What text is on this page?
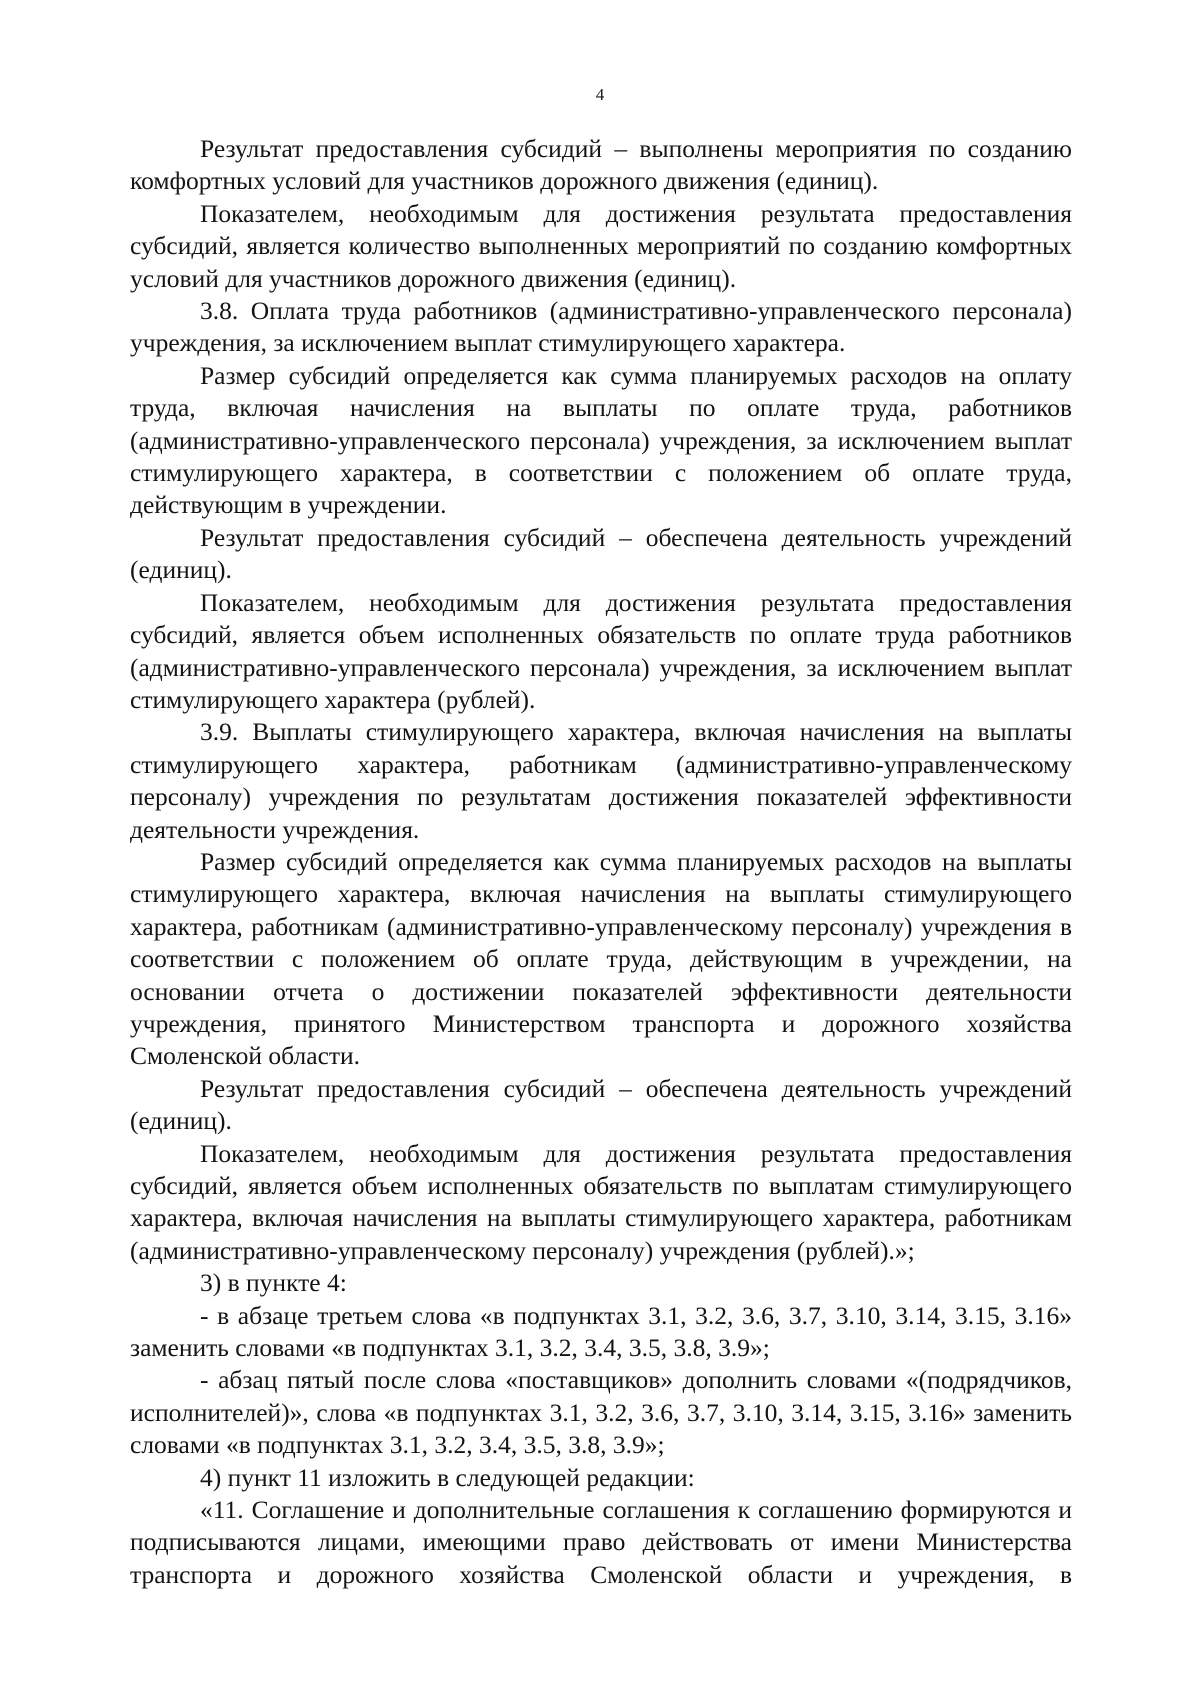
4

Результат предоставления субсидий – выполнены мероприятия по созданию комфортных условий для участников дорожного движения (единиц).

Показателем, необходимым для достижения результата предоставления субсидий, является количество выполненных мероприятий по созданию комфортных условий для участников дорожного движения (единиц).

3.8. Оплата труда работников (административно-управленческого персонала) учреждения, за исключением выплат стимулирующего характера.

Размер субсидий определяется как сумма планируемых расходов на оплату труда, включая начисления на выплаты по оплате труда, работников (административно-управленческого персонала) учреждения, за исключением выплат стимулирующего характера, в соответствии с положением об оплате труда, действующим в учреждении.

Результат предоставления субсидий – обеспечена деятельность учреждений (единиц).

Показателем, необходимым для достижения результата предоставления субсидий, является объем исполненных обязательств по оплате труда работников (административно-управленческого персонала) учреждения, за исключением выплат стимулирующего характера (рублей).

3.9. Выплаты стимулирующего характера, включая начисления на выплаты стимулирующего характера, работникам (административно-управленческому персоналу) учреждения по результатам достижения показателей эффективности деятельности учреждения.

Размер субсидий определяется как сумма планируемых расходов на выплаты стимулирующего характера, включая начисления на выплаты стимулирующего характера, работникам (административно-управленческому персоналу) учреждения в соответствии с положением об оплате труда, действующим в учреждении, на основании отчета о достижении показателей эффективности деятельности учреждения, принятого Министерством транспорта и дорожного хозяйства Смоленской области.

Результат предоставления субсидий – обеспечена деятельность учреждений (единиц).

Показателем, необходимым для достижения результата предоставления субсидий, является объем исполненных обязательств по выплатам стимулирующего характера, включая начисления на выплаты стимулирующего характера, работникам (административно-управленческому персоналу) учреждения (рублей).»;

3) в пункте 4:

- в абзаце третьем слова «в подпунктах 3.1, 3.2, 3.6, 3.7, 3.10, 3.14, 3.15, 3.16» заменить словами «в подпунктах 3.1, 3.2, 3.4, 3.5, 3.8, 3.9»;

- абзац пятый после слова «поставщиков» дополнить словами «(подрядчиков, исполнителей)», слова «в подпунктах 3.1, 3.2, 3.6, 3.7, 3.10, 3.14, 3.15, 3.16» заменить словами «в подпунктах 3.1, 3.2, 3.4, 3.5, 3.8, 3.9»;

4) пункт 11 изложить в следующей редакции:

«11. Соглашение и дополнительные соглашения к соглашению формируются и подписываются лицами, имеющими право действовать от имени Министерства транспорта и дорожного хозяйства Смоленской области и учреждения, в
